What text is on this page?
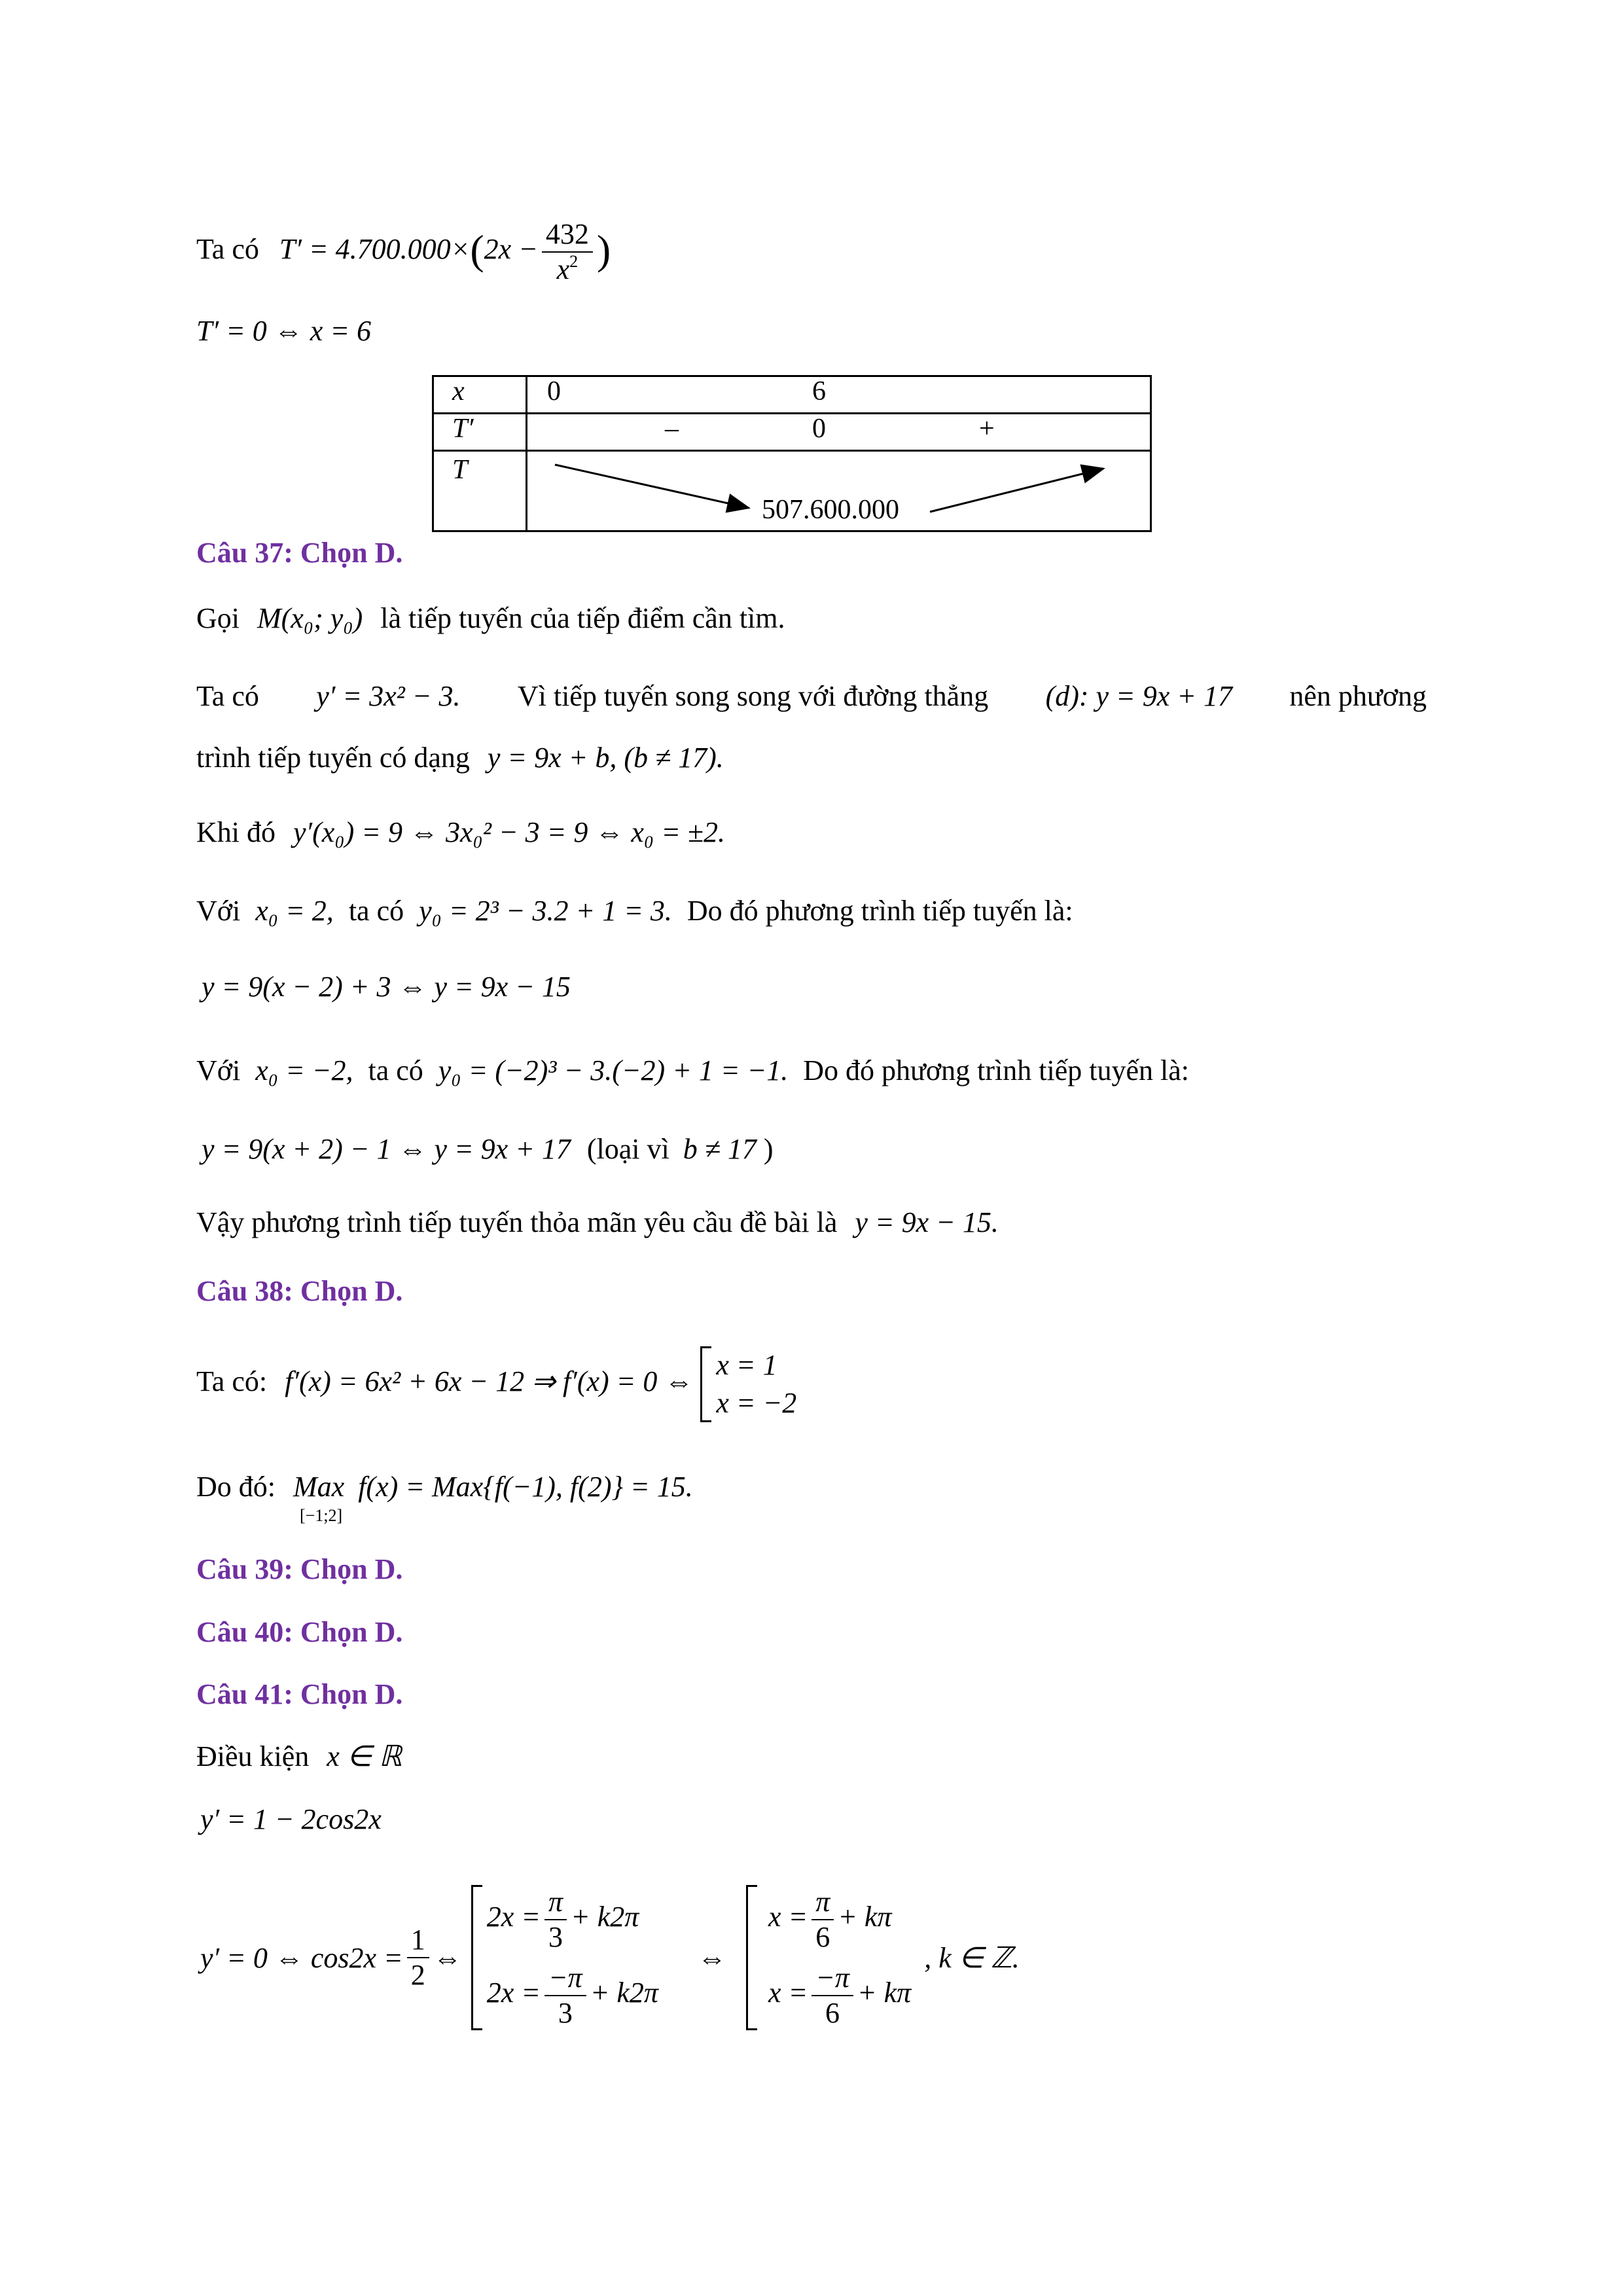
Ta có $T' = 4.700.000\times(2x - \frac{432}{x^2}$ )
T′ = 0 ⇔ x = 6
x	0 6

T′	– 0 +

T	507.600.000
Câu 37: Chọn D.
Gọi M(x₀; y₀) là tiếp tuyến của tiếp điểm cần tìm.
Ta có y′ = 3x² − 3. Vì tiếp tuyến song song với đường thẳng (d): y = 9x + 17 nên phương
trình tiếp tuyến có dạng y = 9x + b, (b ≠ 17).
Khi đó y′(x₀) = 9 ⇔ 3x₀² − 3 = 9 ⇔ x₀ = ±2.
Với x₀ = 2, ta có y₀ = 2³ − 3.2 + 1 = 3. Do đó phương trình tiếp tuyến là:
y = 9(x − 2) + 3 ⇔ y = 9x − 15
Với x₀ = −2, ta có y₀ = (−2)³ − 3.(−2) + 1 = −1. Do đó phương trình tiếp tuyến là:
y = 9(x + 2) − 1 ⇔ y = 9x + 17 (loại vì b ≠ 17 )
Vậy phương trình tiếp tuyến thỏa mãn yêu cầu đề bài là y = 9x − 15.
Câu 38: Chọn D.
Ta có: f′(x) = 6x² + 6x − 12 ⇒ f′(x) = 0 ⇔
x = 1
x = −2
Do đó: Max
[−1;2]
f(x) = Max{f(−1), f(2)} = 15.
Câu 39: Chọn D.
Câu 40: Chọn D.
Câu 41: Chọn D.
Điều kiện x ∈ ℝ
y′ = 1 − 2cos2x
y′ = 0 ⇔ $\cos 2x = \frac{1}{2}$ ⇔
$2x = \frac{\pi}{3} + k2\pi$
$2x = \frac{-\pi}{3} + k2\pi$
⇔
$x = \frac{\pi}{6} + k\pi$
$x = \frac{-\pi}{6} + k\pi$
, k ∈ ℤ.
